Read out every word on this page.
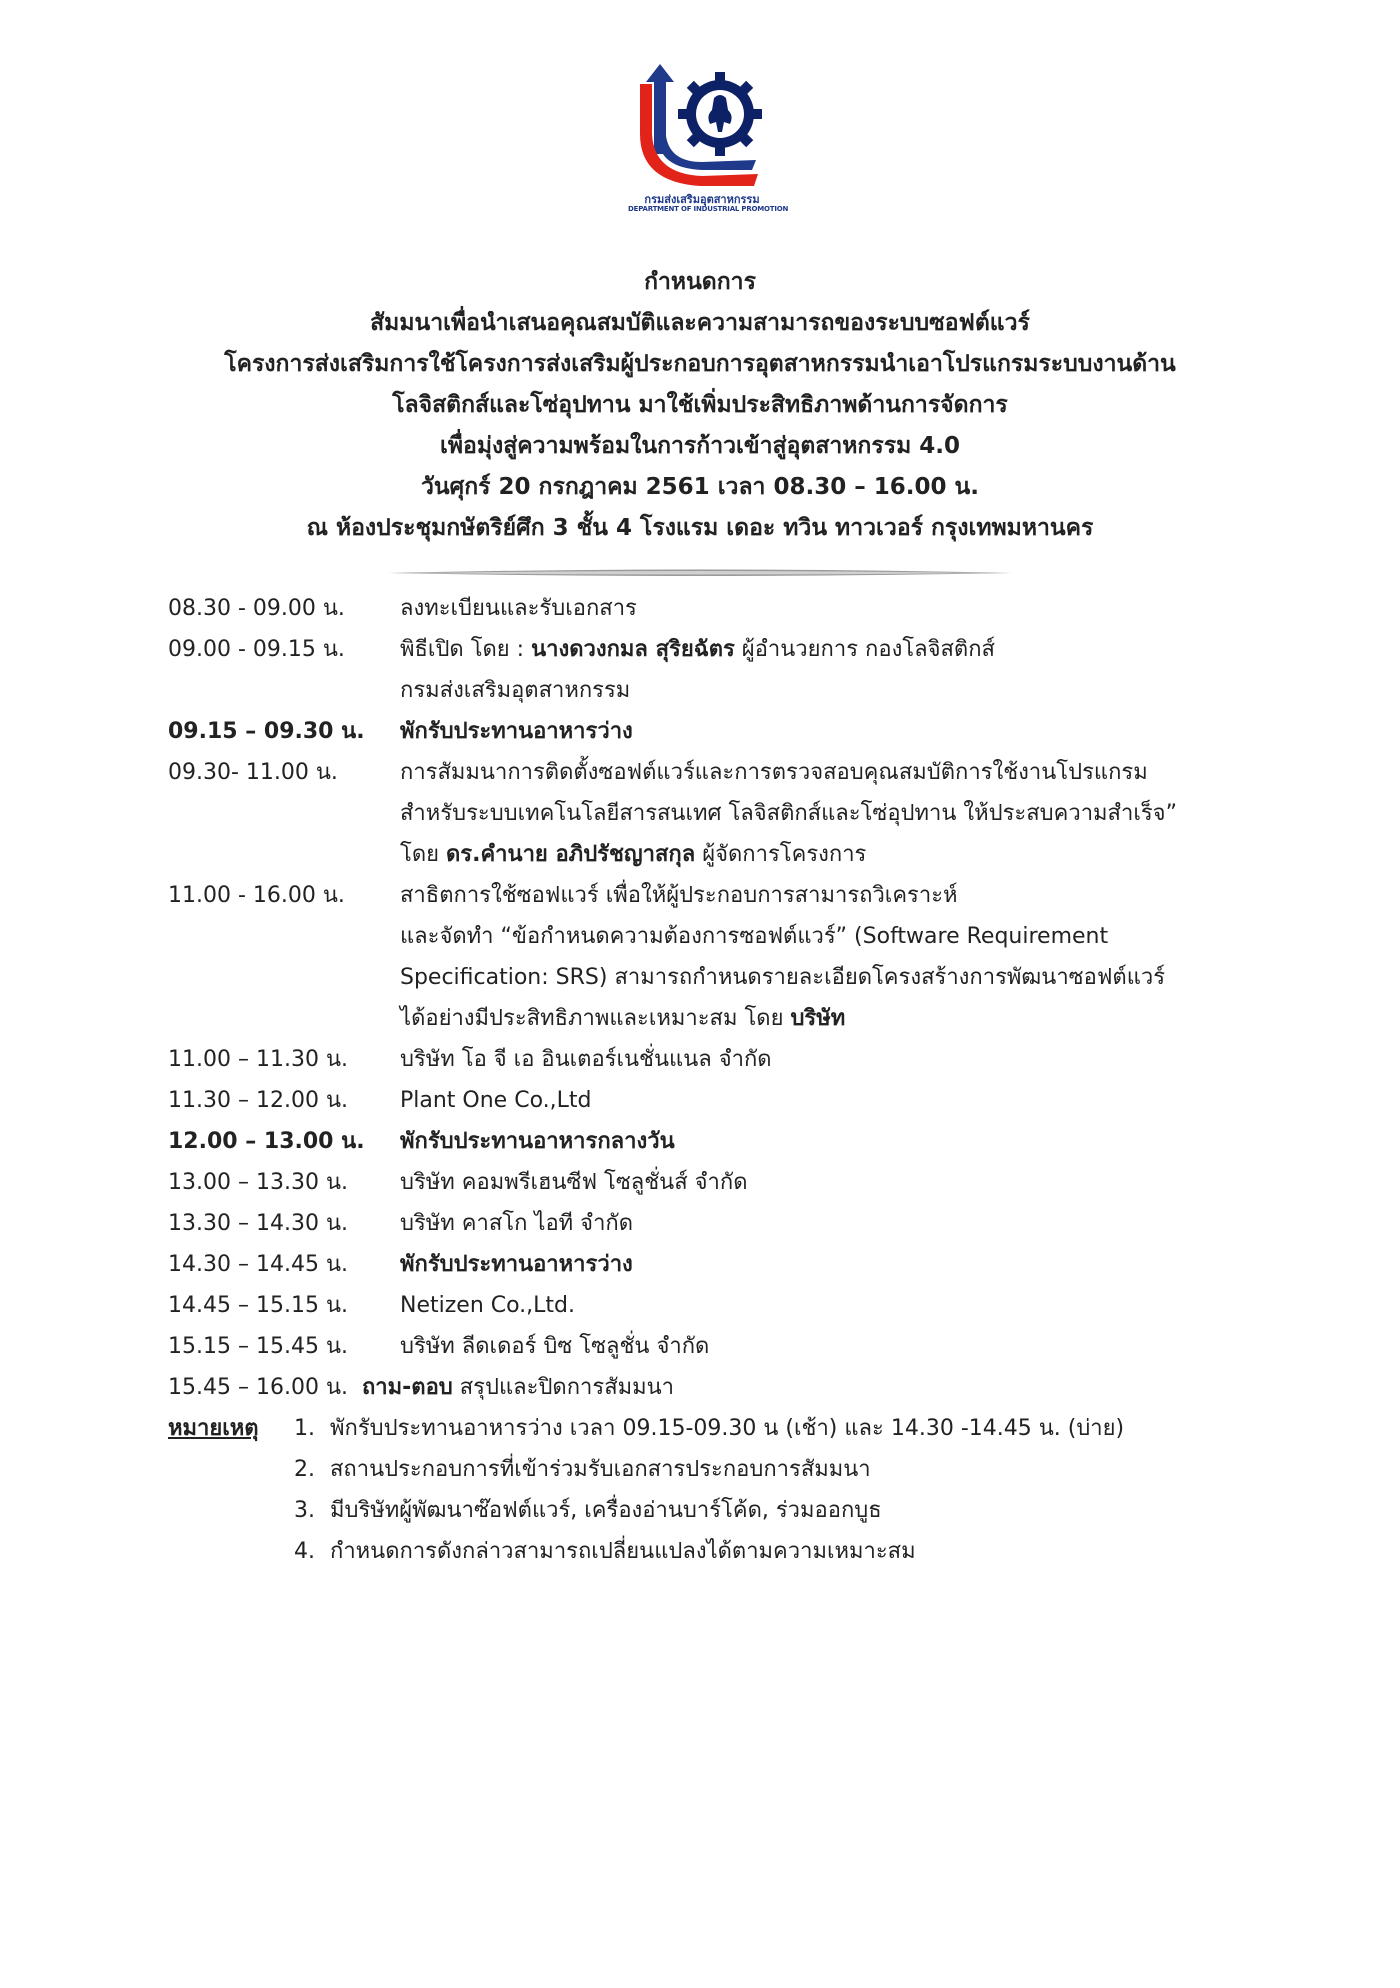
กรมส่งเสริมอุตสาหกรรม
DEPARTMENT OF INDUSTRIAL PROMOTION
กำหนดการ
สัมมนาเพื่อนำเสนอคุณสมบัติและความสามารถของระบบซอฟต์แวร์
โครงการส่งเสริมการใช้โครงการส่งเสริมผู้ประกอบการอุตสาหกรรมนำเอาโปรแกรมระบบงานด้าน
โลจิสติกส์และโซ่อุปทาน มาใช้เพิ่มประสิทธิภาพด้านการจัดการ
เพื่อมุ่งสู่ความพร้อมในการก้าวเข้าสู่อุตสาหกรรม 4.0
วันศุกร์ 20 กรกฎาคม 2561 เวลา 08.30 – 16.00 น.
ณ ห้องประชุมกษัตริย์ศึก 3 ชั้น 4 โรงแรม เดอะ ทวิน ทาวเวอร์ กรุงเทพมหานคร
08.30 - 09.00 น.	ลงทะเบียนและรับเอกสาร
09.00 - 09.15 น.	พิธีเปิด โดย : นางดวงกมล สุริยฉัตร ผู้อำนวยการ กองโลจิสติกส์
กรมส่งเสริมอุตสาหกรรม
09.15 – 09.30 น.	พักรับประทานอาหารว่าง
09.30- 11.00 น.	การสัมมนาการติดตั้งซอฟต์แวร์และการตรวจสอบคุณสมบัติการใช้งานโปรแกรม
สำหรับระบบเทคโนโลยีสารสนเทศ โลจิสติกส์และโซ่อุปทาน ให้ประสบความสำเร็จ”
โดย ดร.คำนาย อภิปรัชญาสกุล ผู้จัดการโครงการ
11.00 - 16.00 น.	สาธิตการใช้ซอฟแวร์ เพื่อให้ผู้ประกอบการสามารถวิเคราะห์
และจัดทำ “ข้อกำหนดความต้องการซอฟต์แวร์” (Software Requirement
Specification: SRS) สามารถกำหนดรายละเอียดโครงสร้างการพัฒนาซอฟต์แวร์
ได้อย่างมีประสิทธิภาพและเหมาะสม โดย บริษัท
11.00 – 11.30 น.	บริษัท โอ จี เอ อินเตอร์เนชั่นแนล จำกัด
11.30 – 12.00 น.	Plant One Co.,Ltd
12.00 – 13.00 น.	พักรับประทานอาหารกลางวัน
13.00 – 13.30 น.	บริษัท คอมพรีเฮนซีฟ โซลูชั่นส์ จำกัด
13.30 – 14.30 น.	บริษัท คาสโก ไอที จำกัด
14.30 – 14.45 น.	พักรับประทานอาหารว่าง
14.45 – 15.15 น.	Netizen Co.,Ltd.
15.15 – 15.45 น.	บริษัท ลีดเดอร์ บิซ โซลูชั่น จำกัด
15.45 – 16.00 น. ถาม-ตอบ สรุปและปิดการสัมมนา
หมายเหตุ	1. พักรับประทานอาหารว่าง เวลา 09.15-09.30 น (เช้า) และ 14.30 -14.45 น. (บ่าย)
2. สถานประกอบการที่เข้าร่วมรับเอกสารประกอบการสัมมนา
3. มีบริษัทผู้พัฒนาซ๊อฟต์แวร์, เครื่องอ่านบาร์โค้ด, ร่วมออกบูธ
4. กำหนดการดังกล่าวสามารถเปลี่ยนแปลงได้ตามความเหมาะสม
